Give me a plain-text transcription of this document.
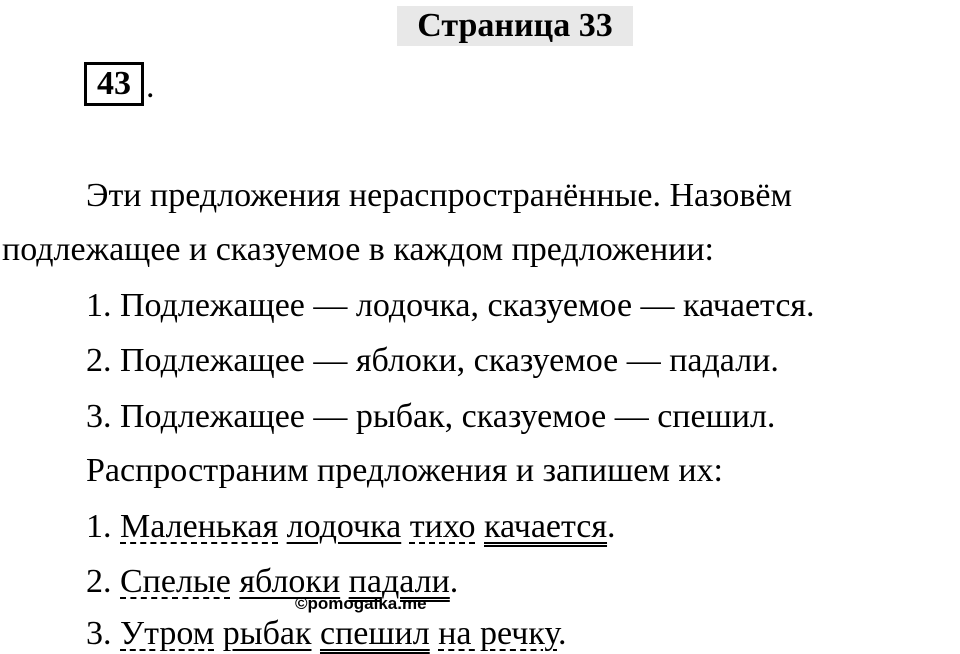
Страница 33
43 .
Эти предложения нераспространённые. Назовём
подлежащее и сказуемое в каждом предложении:
1. Подлежащее — лодочка, сказуемое — качается.
2. Подлежащее — яблоки, сказуемое — падали.
3. Подлежащее — рыбак, сказуемое — спешил.
Распространим предложения и запишем их:
1. Маленькая лодочка тихо качается.
2. Спелые яблоки падали.
©pomogalka.me
3. Утром рыбак спешил на речку.
